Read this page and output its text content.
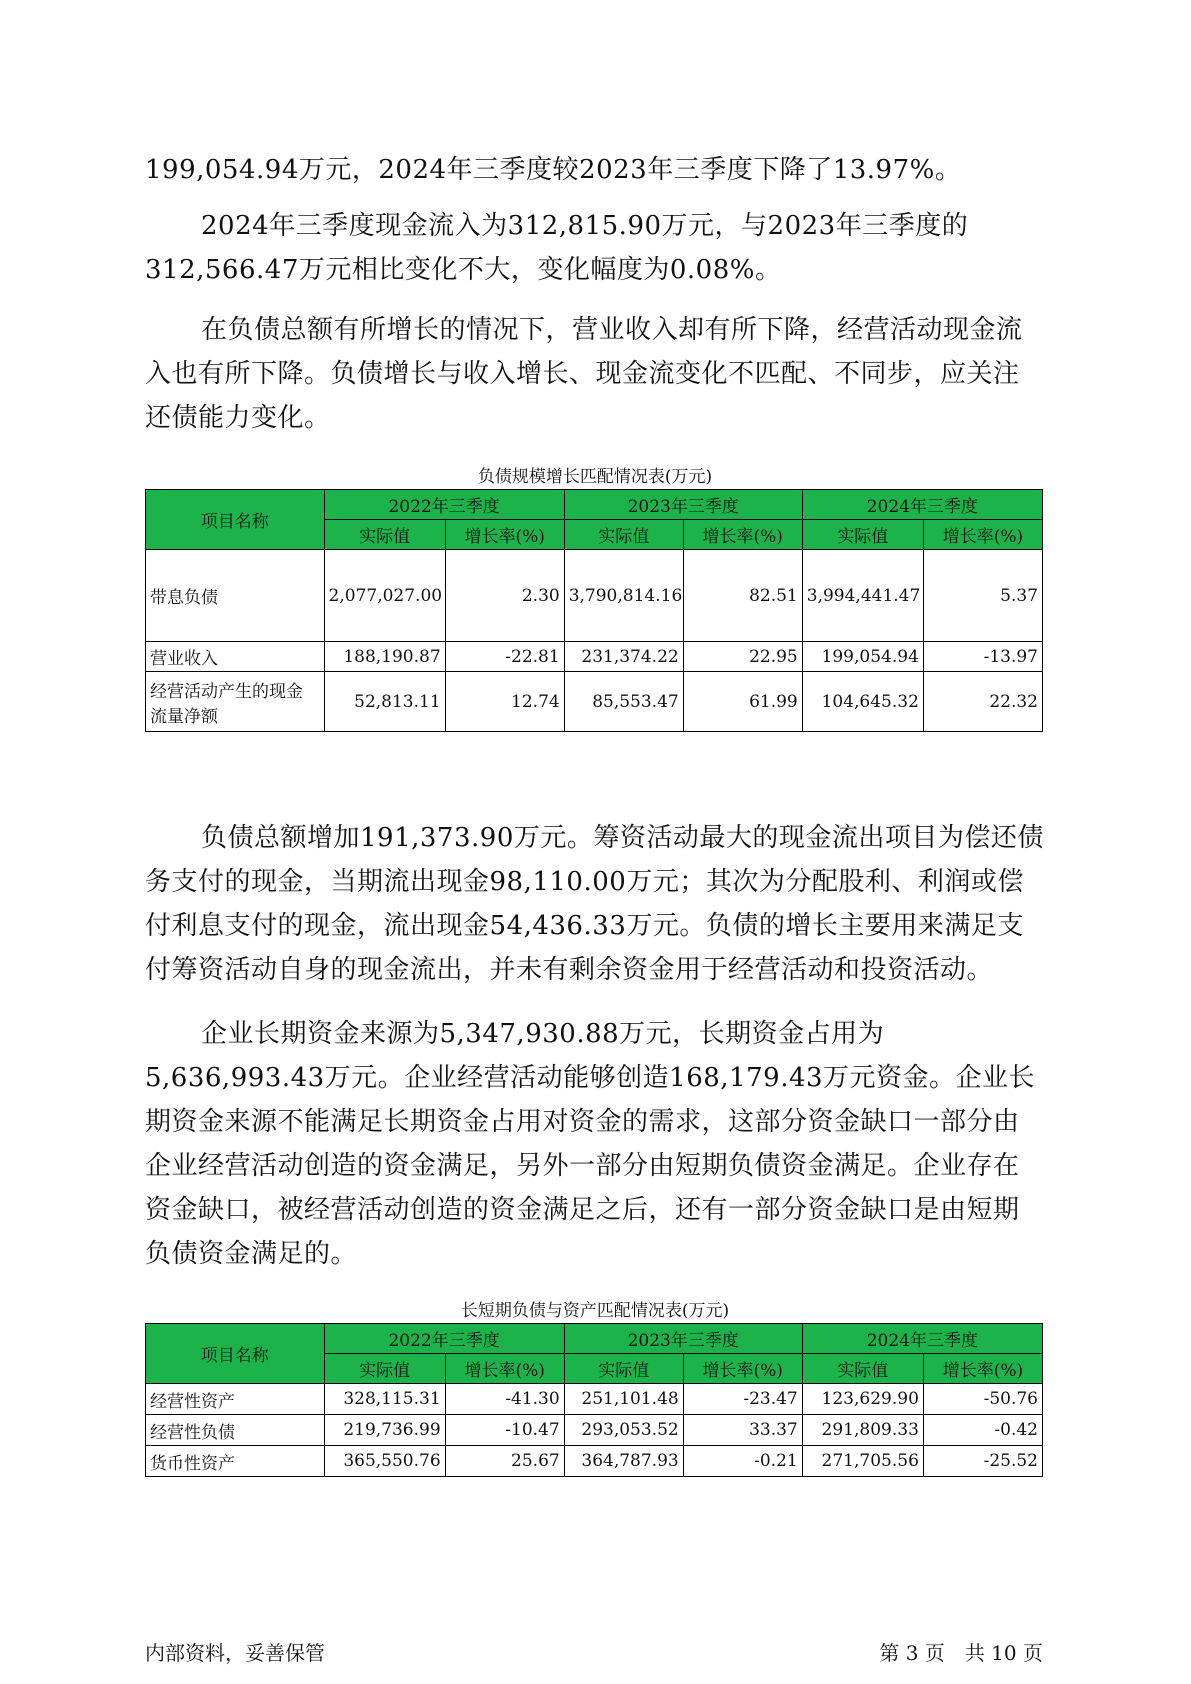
199,054.94万元，2024年三季度较2023年三季度下降了13.97%。

2024年三季度现金流入为312,815.90万元，与2023年三季度的312,566.47万元相比变化不大，变化幅度为0.08%。

在负债总额有所增长的情况下，营业收入却有所下降，经营活动现金流入也有所下降。负债增长与收入增长、现金流变化不匹配、不同步，应关注还债能力变化。

负债规模增长匹配情况表(万元)
项目名称	2022年三季度		2023年三季度		2024年三季度	
	实际值	增长率(%)	实际值	增长率(%)	实际值	增长率(%)
带息负债	2,077,027.00	2.30	3,790,814.16	82.51	3,994,441.47	5.37
营业收入	188,190.87	-22.81	231,374.22	22.95	199,054.94	-13.97
经营活动产生的现金流量净额	52,813.11	12.74	85,553.47	61.99	104,645.32	22.32

负债总额增加191,373.90万元。筹资活动最大的现金流出项目为偿还债务支付的现金，当期流出现金98,110.00万元；其次为分配股利、利润或偿付利息支付的现金，流出现金54,436.33万元。负债的增长主要用来满足支付筹资活动自身的现金流出，并未有剩余资金用于经营活动和投资活动。

企业长期资金来源为5,347,930.88万元，长期资金占用为5,636,993.43万元。企业经营活动能够创造168,179.43万元资金。企业长期资金来源不能满足长期资金占用对资金的需求，这部分资金缺口一部分由企业经营活动创造的资金满足，另外一部分由短期负债资金满足。企业存在资金缺口，被经营活动创造的资金满足之后，还有一部分资金缺口是由短期负债资金满足的。

长短期负债与资产匹配情况表(万元)
项目名称	2022年三季度		2023年三季度		2024年三季度	
	实际值	增长率(%)	实际值	增长率(%)	实际值	增长率(%)
经营性资产	328,115.31	-41.30	251,101.48	-23.47	123,629.90	-50.76
经营性负债	219,736.99	-10.47	293,053.52	33.37	291,809.33	-0.42
货币性资产	365,550.76	25.67	364,787.93	-0.21	271,705.56	-25.52
内部资料，妥善保管	第 3 页　共 10 页
